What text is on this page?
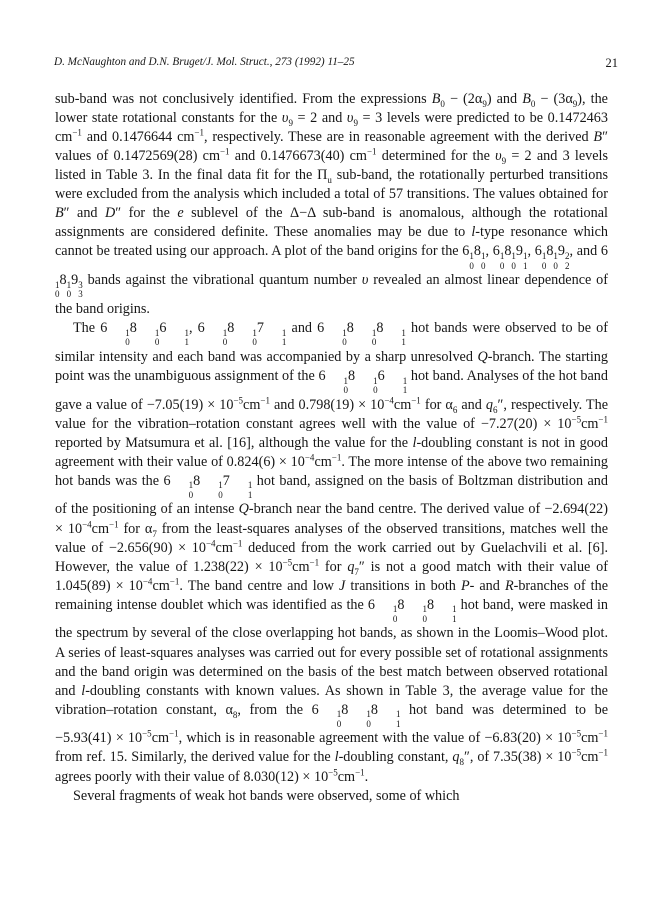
D. McNaughton and D.N. Bruget/J. Mol. Struct., 273 (1992) 11–25	21

sub-band was not conclusively identified. From the expressions $B_0 - (2\alpha_9)$ and $B_0 - (3\alpha_9)$, the lower state rotational constants for the $\upsilon_9 = 2$ and $\upsilon_9 = 3$ levels were predicted to be 0.1472463 $cm^{-1}$ and 0.1476644 $cm^{-1}$, respectively. These are in reasonable agreement with the derived B″ values of 0.1472569(28) $cm^{-1}$ and 0.1476673(40) $cm^{-1}$ determined for the $\upsilon_9 = 2$ and 3 levels listed in Table 3. In the final data fit for the $\Pi_u$ sub-band, the rotationally perturbed transitions were excluded from the analysis which included a total of 57 transitions. The values obtained for B″ and D″ for the e sublevel of the Δ−Δ sub-band is anomalous, although the rotational assignments are considered definite. These anomalies may be due to l-type resonance which cannot be treated using our approach. A plot of the band origins for the 6 1
0
8 1
0
, 6 1
0
8 1
0
9 1
1
, 6 1
0
8 1
0
9 2
2
, and 6
1
0
8 1
0
9 3
3
bands against the vibrational quantum number υ revealed an almost linear dependence of the band origins.

The 6	1
0
8	1
0
6	1
1
, 6	1
0
8	1
0
7	1
1
and 6	1
0
8	1
0
8	1
1
hot bands were observed to be of similar intensity and each band was accompanied by a sharp unresolved Q-branch. The starting point was the unambiguous assignment of the 6	1
0
8	1
0
6	1
1
hot band. Analyses of the hot band gave a value of $-7.05(19) \times 10^{-5}cm^{-1}$ and $0.798(19) \times 10^{-4}cm^{-1}$ for $\alpha_6$ and $q_6''$, respectively. The value for the vibration–rotation constant agrees well with the value of $-7.27(20) \times 10^{-5}cm^{-1}$ reported by Matsumura et al. [16], although the value for the l-doubling constant is not in good agreement with their value of $0.824(6) \times 10^{-4}cm^{-1}$. The more intense of the above two remaining hot bands was the 6	1
0
8	1
0
7	1
1
hot band, assigned on the basis of Boltzman distribution and of the positioning of an intense Q-branch near the band centre. The derived value of $-2.694(22) \times 10^{-4}cm^{-1}$ for $\alpha_7$ from the least-squares analyses of the observed transitions, matches well the value of $-2.656(90) \times 10^{-4}cm^{-1}$ deduced from the work carried out by Guelachvili et al. [6]. However, the value of $1.238(22) \times 10^{-5}cm^{-1}$ for $q_7''$ is not a good match with their value of $1.045(89) \times 10^{-4}cm^{-1}$. The band centre and low J transitions in both P- and R-branches of the remaining intense doublet which was identified as the 6	1
0
8	1
0
8	1
1
hot band, were masked in the spectrum by several of the close overlapping hot bands, as shown in the Loomis–Wood plot. A series of least-squares analyses was carried out for every possible set of rotational assignments and the band origin was determined on the basis of the best match between observed rotational and l-doubling constants with known values. As shown in Table 3, the average value for the vibration–rotation constant, $\alpha_8$, from the 6	1
0
8	1
0
8	1
1
hot band was determined to be $-5.93(41) \times 10^{-5}cm^{-1}$, which is in reasonable agreement with the value of $-6.83(20) \times 10^{-5}cm^{-1}$ from ref. 15. Similarly, the derived value for the l-doubling constant, $q_8''$, of $7.35(38) \times 10^{-5}cm^{-1}$ agrees poorly with their value of $8.030(12) \times 10^{-5}cm^{-1}$.

Several fragments of weak hot bands were observed, some of which
